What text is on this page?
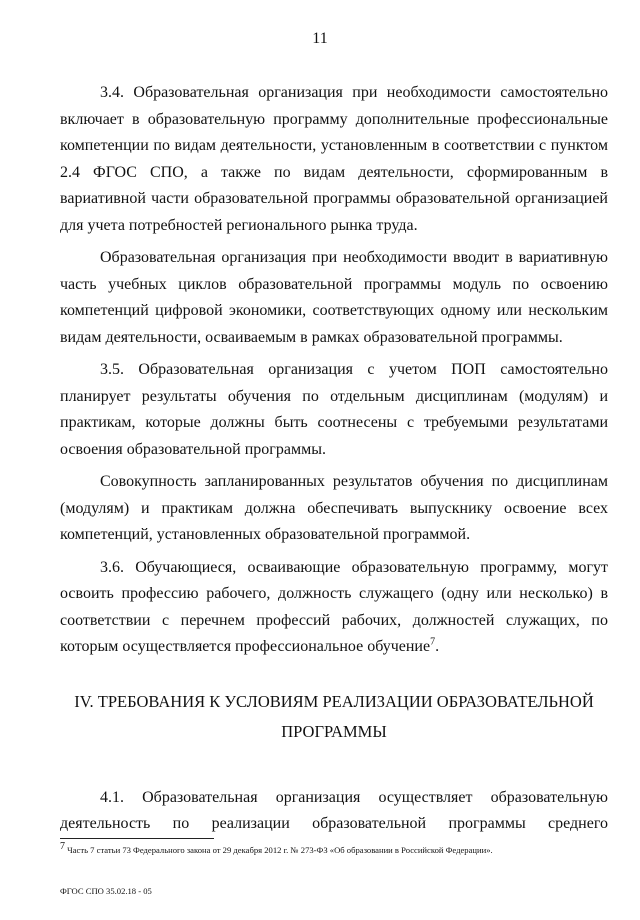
11

3.4. Образовательная организация при необходимости самостоятельно включает в образовательную программу дополнительные профессиональные компетенции по видам деятельности, установленным в соответствии с пунктом 2.4 ФГОС СПО, а также по видам деятельности, сформированным в вариативной части образовательной программы образовательной организацией для учета потребностей регионального рынка труда.

Образовательная организация при необходимости вводит в вариативную часть учебных циклов образовательной программы модуль по освоению компетенций цифровой экономики, соответствующих одному или нескольким видам деятельности, осваиваемым в рамках образовательной программы.

3.5. Образовательная организация с учетом ПОП самостоятельно планирует результаты обучения по отдельным дисциплинам (модулям) и практикам, которые должны быть соотнесены с требуемыми результатами освоения образовательной программы.

Совокупность запланированных результатов обучения по дисциплинам (модулям) и практикам должна обеспечивать выпускнику освоение всех компетенций, установленных образовательной программой.

3.6. Обучающиеся, осваивающие образовательную программу, могут освоить профессию рабочего, должность служащего (одну или несколько) в соответствии с перечнем профессий рабочих, должностей служащих, по которым осуществляется профессиональное обучение$^7$.

IV. ТРЕБОВАНИЯ К УСЛОВИЯМ РЕАЛИЗАЦИИ ОБРАЗОВАТЕЛЬНОЙ
ПРОГРАММЫ

4.1. Образовательная организация осуществляет образовательную деятельность по реализации образовательной программы среднего

$^7$ Часть 7 статьи 73 Федерального закона от 29 декабря 2012 г. № 273-ФЗ «Об образовании в Российской Федерации».
ФГОС СПО 35.02.18 - 05
